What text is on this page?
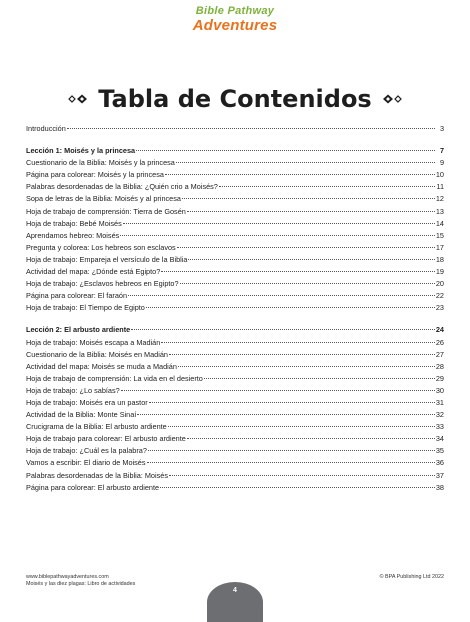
Bible Pathway
Adventures
Tabla de Contenidos
Introducción	3
Lección 1: Moisés y la princesa	7
Cuestionario de la Biblia: Moisés y la princesa	9
Página para colorear: Moisés y la princesa	10
Palabras desordenadas de la Biblia: ¿Quién crio a Moisés?	11
Sopa de letras de la Biblia: Moisés y al princesa	12
Hoja de trabajo de comprensión: Tierra de Gosén	13
Hoja de trabajo: Bebé Moisés	14
Aprendamos hebreo: Moisés	15
Pregunta y colorea: Los hebreos son esclavos	17
Hoja de trabajo: Empareja el versículo de la Biblia	18
Actividad del mapa: ¿Dónde está Egipto?	19
Hoja de trabajo: ¿Esclavos hebreos en Egipto?	20
Página para colorear: El faraón	22
Hoja de trabajo: El Tiempo de Egipto	23
Lección 2: El arbusto ardiente	24
Hoja de trabajo: Moisés escapa a Madián	26
Cuestionario de la Biblia: Moisés en Madián	27
Actividad del mapa: Moisés se muda a Madián	28
Hoja de trabajo de comprensión: La vida en el desierto	29
Hoja de trabajo: ¿Lo sabías?	30
Hoja de trabajo: Moisés era un pastor	31
Actividad de la Biblia: Monte Sinaí	32
Crucigrama de la Biblia: El arbusto ardiente	33
Hoja de trabajo para colorear: El arbusto ardiente	34
Hoja de trabajo: ¿Cuál es la palabra?	35
Vamos a escribir: El diario de Moisés	36
Palabras desordenadas de la Biblia: Moisés	37
Página para colorear: El arbusto ardiente	38
www.biblepathwayadventures.com
Moisés y las diez plagas: Libro de actividades
© BPA Publishing Ltd 2022
4
